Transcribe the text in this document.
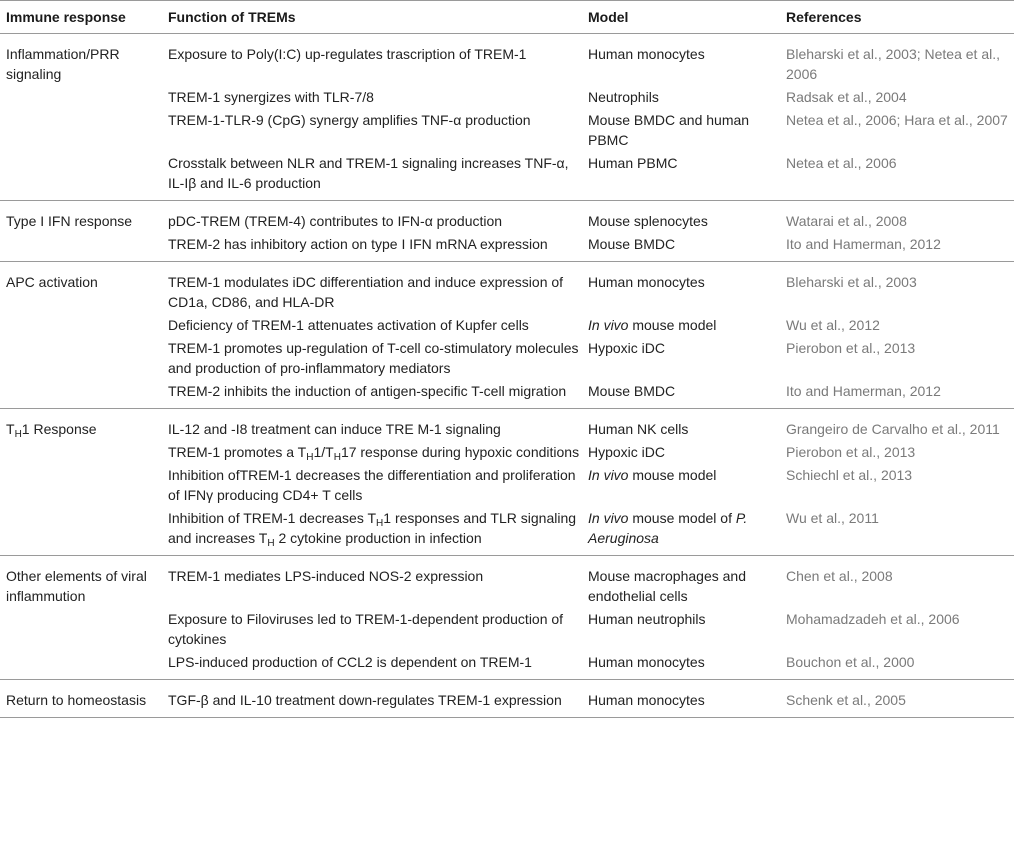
Immune response	Function of TREMs	Model	References
Inflammation/PRR signaling	Exposure to Poly(I:C) up-regulates trascription of TREM-1	Human monocytes	Bleharski et al., 2003; Netea et al., 2006
	TREM-1 synergizes with TLR-7/8	Neutrophils	Radsak et al., 2004
	TREM-1-TLR-9 (CpG) synergy amplifies TNF-α production	Mouse BMDC and human PBMC	Netea et al., 2006; Hara et al., 2007
	Crosstalk between NLR and TREM-1 signaling increases TNF-α, IL-Iβ and IL-6 production	Human PBMC	Netea et al., 2006
Type I IFN response	pDC-TREM (TREM-4) contributes to IFN-α production	Mouse splenocytes	Watarai et al., 2008
	TREM-2 has inhibitory action on type I IFN mRNA expression	Mouse BMDC	Ito and Hamerman, 2012
APC activation	TREM-1 modulates iDC differentiation and induce expression of CD1a, CD86, and HLA-DR	Human monocytes	Bleharski et al., 2003
	Deficiency of TREM-1 attenuates activation of Kupfer cells	In vivo mouse model	Wu et al., 2012
	TREM-1 promotes up-regulation of T-cell co-stimulatory molecules and production of pro-inflammatory mediators	Hypoxic iDC	Pierobon et al., 2013
	TREM-2 inhibits the induction of antigen-specific T-cell migration	Mouse BMDC	Ito and Hamerman, 2012
$T_H1$ Response	IL-12 and -I8 treatment can induce TRE M-1 signaling	Human NK cells	Grangeiro de Carvalho et al., 2011
	TREM-1 promotes a $T_H1/T_H17$ response during hypoxic conditions	Hypoxic iDC	Pierobon et al., 2013
	Inhibition ofTREM-1 decreases the differentiation and proliferation of IFNγ producing CD4+ T cells	In vivo mouse model	Schiechl et al., 2013
	Inhibition of TREM-1 decreases $T_H1$ responses and TLR signaling and increases $T_H$ 2 cytokine production in infection	In vivo mouse model of P. Aeruginosa	Wu et al., 2011
Other elements of viral inflammution	TREM-1 mediates LPS-induced NOS-2 expression	Mouse macrophages and endothelial cells	Chen et al., 2008
	Exposure to Filoviruses led to TREM-1-dependent production of cytokines	Human neutrophils	Mohamadzadeh et al., 2006
	LPS-induced production of CCL2 is dependent on TREM-1	Human monocytes	Bouchon et al., 2000
Return to homeostasis	TGF-β and IL-10 treatment down-regulates TREM-1 expression	Human monocytes	Schenk et al., 2005
